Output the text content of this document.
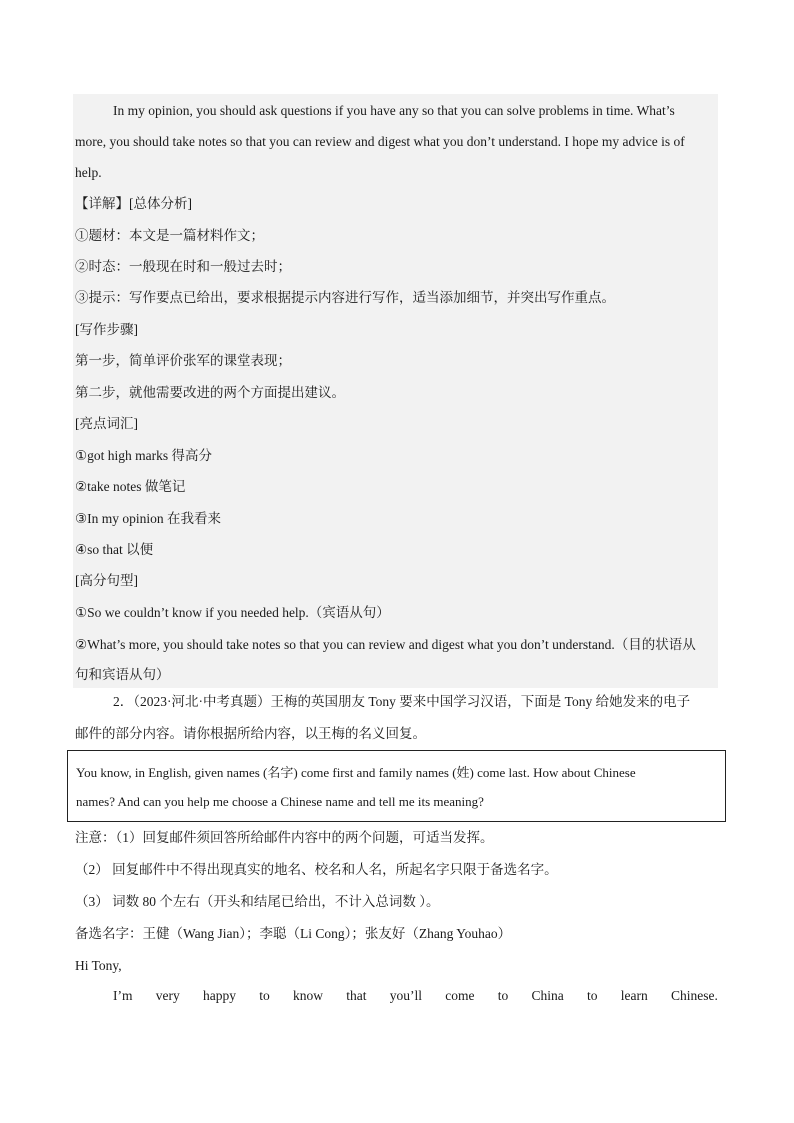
In my opinion, you should ask questions if you have any so that you can solve problems in time. What’s
more, you should take notes so that you can review and digest what you don’t understand. I hope my advice is of
help.
【详解】[总体分析]
①题材：本文是一篇材料作文；
②时态：一般现在时和一般过去时；
③提示：写作要点已给出，要求根据提示内容进行写作，适当添加细节，并突出写作重点。
[写作步骤]
第一步，简单评价张军的课堂表现；
第二步，就他需要改进的两个方面提出建议。
[亮点词汇]
①got high marks 得高分
②take notes 做笔记
③In my opinion 在我看来
④so that 以便
[高分句型]
①So we couldn’t know if you needed help.（宾语从句）
②What’s more, you should take notes so that you can review and digest what you don’t understand.（目的状语从
句和宾语从句）
2．（2023·河北·中考真题）王梅的英国朋友 Tony 要来中国学习汉语，下面是 Tony 给她发来的电子
邮件的部分内容。请你根据所给内容，以王梅的名义回复。
You know, in English, given names (名字) come first and family names (姓) come last. How about Chinese
names? And can you help me choose a Chinese name and tell me its meaning?
注意：（1）回复邮件须回答所给邮件内容中的两个问题，可适当发挥。
（2） 回复邮件中不得出现真实的地名、校名和人名，所起名字只限于备选名字。
（3） 词数 80 个左右（开头和结尾已给出，不计入总词数 ）。
备选名字：王健（Wang Jian）；李聪（Li Cong）；张友好（Zhang Youhao）
Hi Tony,
I’m very happy to know that you’ll come to China to learn Chinese.
